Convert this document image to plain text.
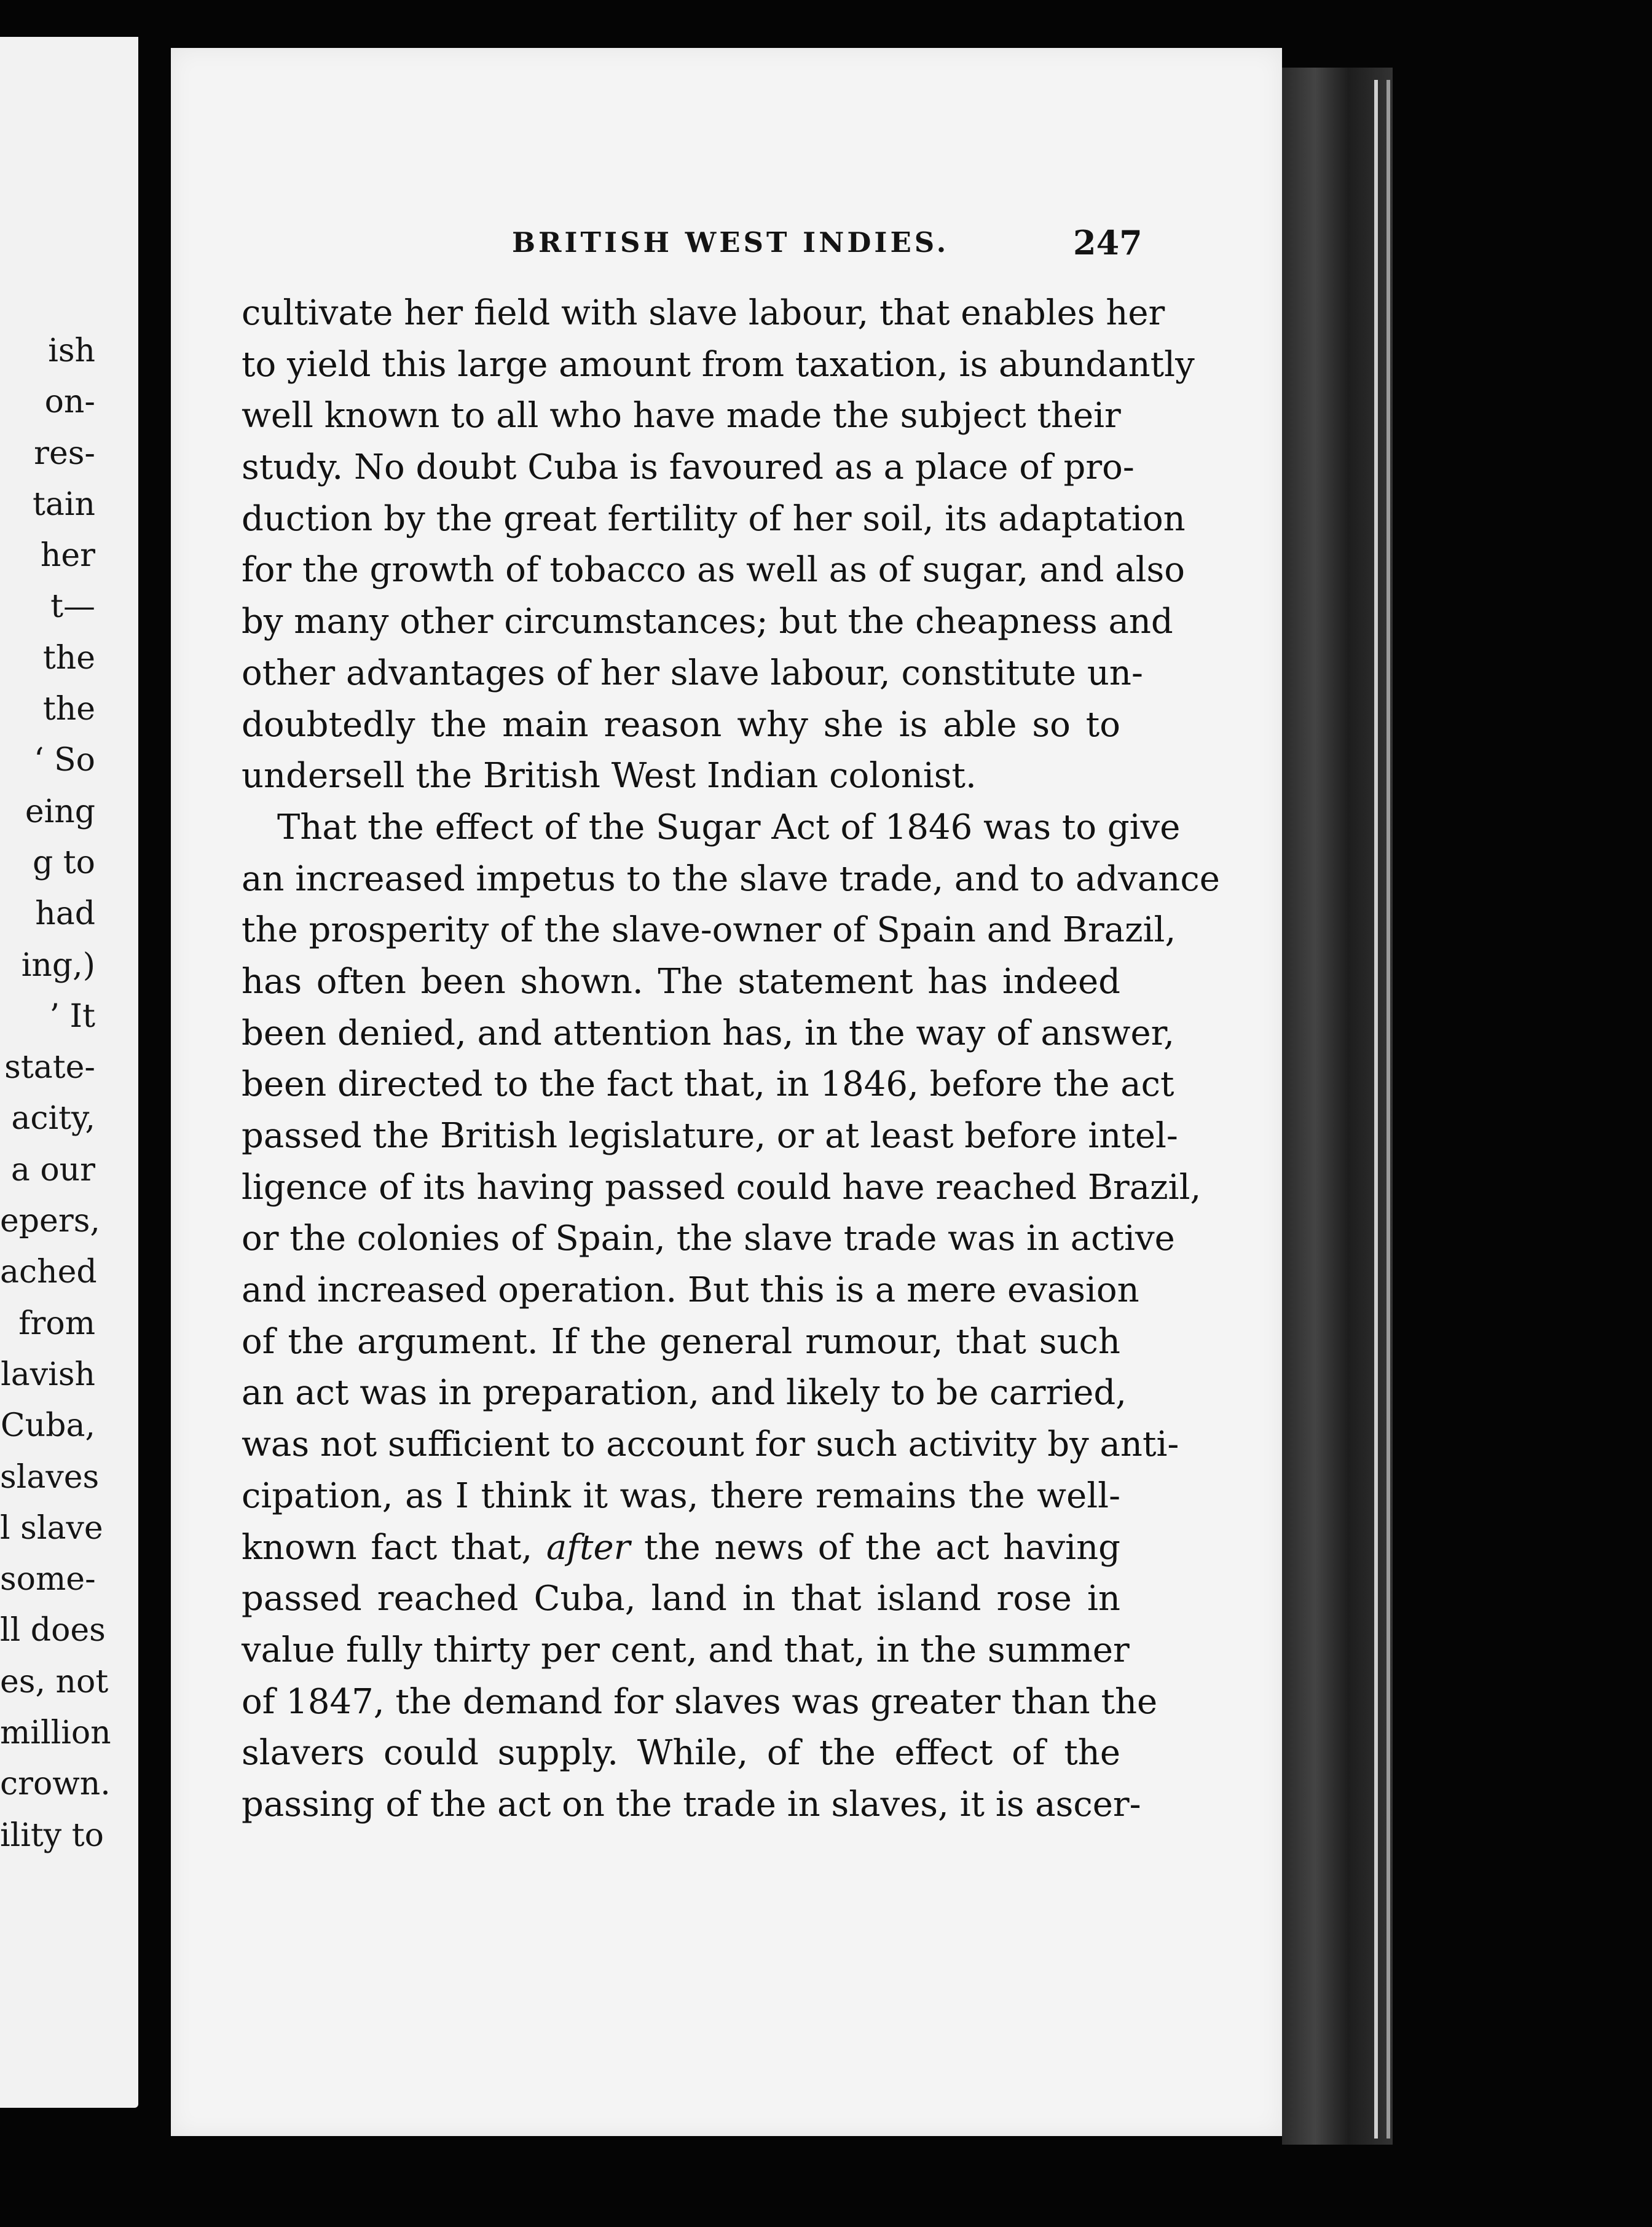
ish
on-
res-
tain
her
t—
the
the
‘ So
eing
g to
had
ing,)
’ It
state-
acity,
a our
epers,
ached
from
lavish
Cuba,
slaves
l slave
some-
ll does
es, not
million
crown.
ility to
BRITISH WEST INDIES.	247
cultivate her field with slave labour, that enables her
to yield this large amount from taxation, is abundantly
well known to all who have made the subject their
study. No doubt Cuba is favoured as a place of pro-
duction by the great fertility of her soil, its adaptation
for the growth of tobacco as well as of sugar, and also
by many other circumstances; but the cheapness and
other advantages of her slave labour, constitute un-
doubtedly the main reason why she is able so to
undersell the British West Indian colonist.
That the effect of the Sugar Act of 1846 was to give
an increased impetus to the slave trade, and to advance
the prosperity of the slave-owner of Spain and Brazil,
has often been shown. The statement has indeed
been denied, and attention has, in the way of answer,
been directed to the fact that, in 1846, before the act
passed the British legislature, or at least before intel-
ligence of its having passed could have reached Brazil,
or the colonies of Spain, the slave trade was in active
and increased operation. But this is a mere evasion
of the argument. If the general rumour, that such
an act was in preparation, and likely to be carried,
was not sufficient to account for such activity by anti-
cipation, as I think it was, there remains the well-
known fact that, after the news of the act having
passed reached Cuba, land in that island rose in
value fully thirty per cent, and that, in the summer
of 1847, the demand for slaves was greater than the
slavers could supply. While, of the effect of the
passing of the act on the trade in slaves, it is ascer-
